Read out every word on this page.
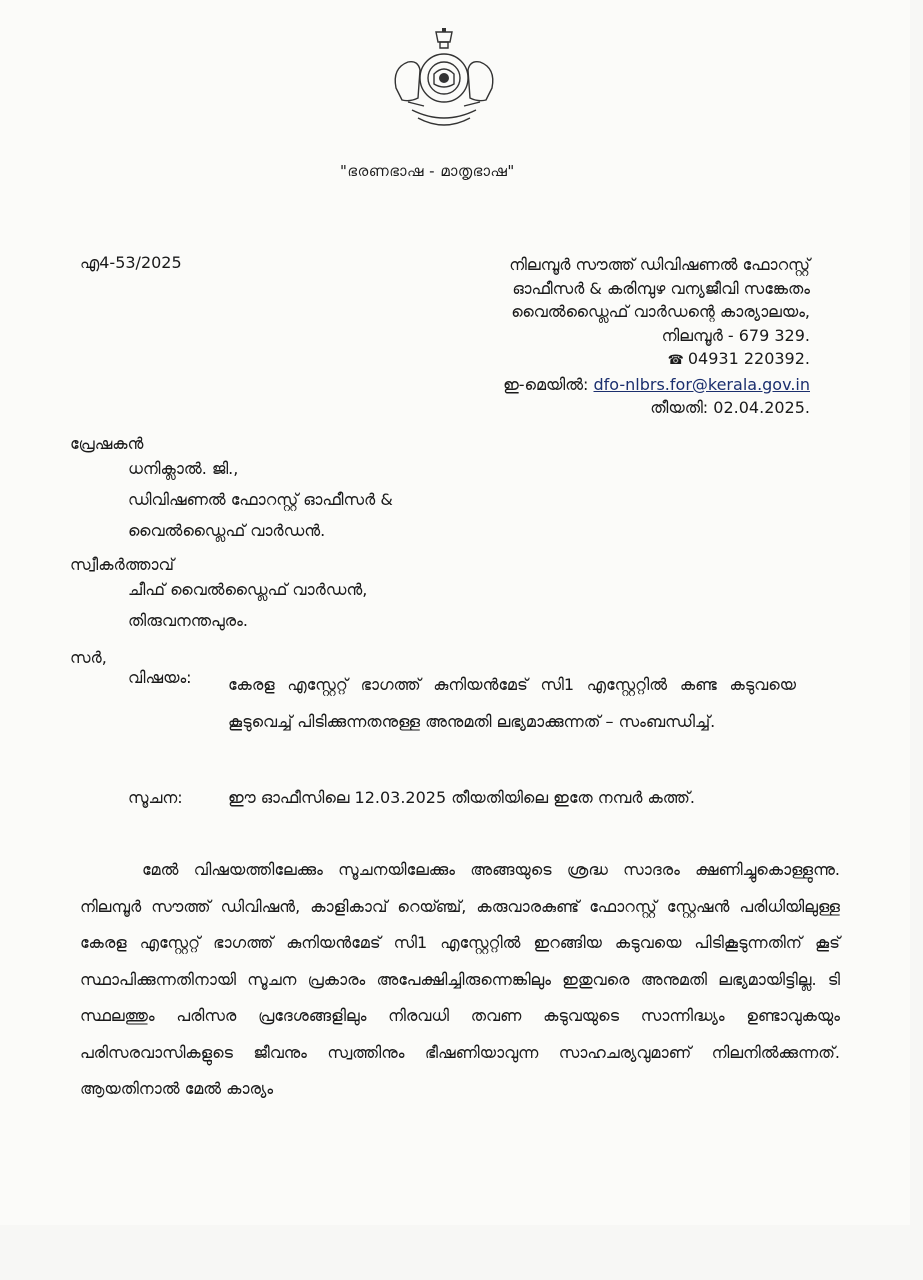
"ഭരണഭാഷ - മാതൃഭാഷ"
എ4-53/2025	നിലമ്പൂർ സൗത്ത് ഡിവിഷണൽ ഫോറസ്റ്റ്
ഓഫീസർ & കരിമ്പുഴ വന്യജീവി സങ്കേതം
വൈൽഡ്ലൈഫ് വാർഡന്റെ കാര്യാലയം,
നിലമ്പൂർ - 679 329.
☎ 04931 220392.
ഇ-മെയിൽ: dfo-nlbrs.for@kerala.gov.in
തീയതി: 02.04.2025.
പ്രേഷകൻ
ധനിക്ലാൽ. ജി.,
ഡിവിഷണൽ ഫോറസ്റ്റ് ഓഫീസർ &
വൈൽഡ്ലൈഫ് വാർഡൻ.
സ്വീകർത്താവ്
ചീഫ് വൈൽഡ്ലൈഫ് വാർഡൻ,
തിരുവനന്തപുരം.
സർ,
വിഷയം: കേരള എസ്റ്റേറ്റ് ഭാഗത്ത് കുനിയൻമേട് സി1 എസ്റ്റേറ്റിൽ കണ്ട കടുവയെ കൂടുവെച്ച് പിടിക്കുന്നതനുള്ള അനുമതി ലഭ്യമാക്കുന്നത് – സംബന്ധിച്ച്.
സൂചന:	ഈ ഓഫീസിലെ 12.03.2025 തീയതിയിലെ ഇതേ നമ്പർ കത്ത്.
മേൽ വിഷയത്തിലേക്കും സൂചനയിലേക്കും അങ്ങയുടെ ശ്രദ്ധ സാദരം ക്ഷണിച്ചുകൊള്ളുന്നു. നിലമ്പൂർ സൗത്ത് ഡിവിഷൻ, കാളികാവ് റെയ്ഞ്ച്, കരുവാരകുണ്ട് ഫോറസ്റ്റ് സ്റ്റേഷൻ പരിധിയിലുള്ള കേരള എസ്റ്റേറ്റ് ഭാഗത്ത് കുനിയൻമേട് സി1 എസ്റ്റേറ്റിൽ ഇറങ്ങിയ കടുവയെ പിടികൂടുന്നതിന് കൂട് സ്ഥാപിക്കുന്നതിനായി സൂചന പ്രകാരം അപേക്ഷിച്ചിരുന്നെങ്കിലും ഇതുവരെ അനുമതി ലഭ്യമായിട്ടില്ല. ടി സ്ഥലത്തും പരിസര പ്രദേശങ്ങളിലും നിരവധി തവണ കടുവയുടെ സാന്നിദ്ധ്യം ഉണ്ടാവുകയും പരിസരവാസികളുടെ ജീവനും സ്വത്തിനും ഭീഷണിയാവുന്ന സാഹചര്യവുമാണ് നിലനിൽക്കുന്നത്. ആയതിനാൽ മേൽ കാര്യം
